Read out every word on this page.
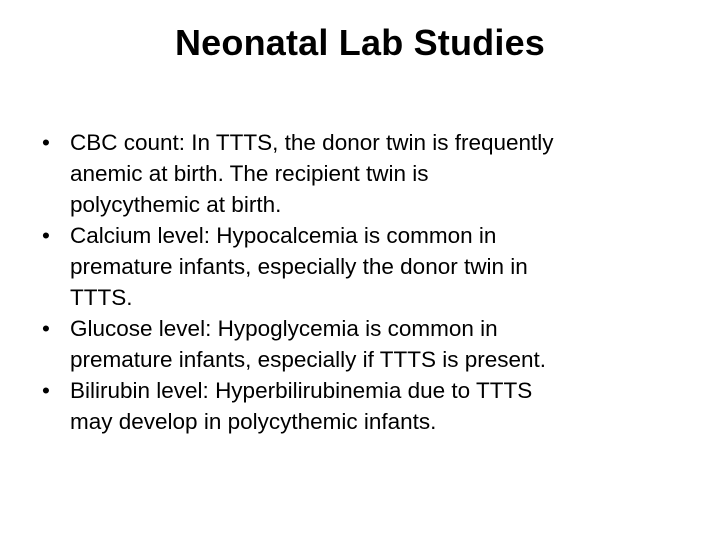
Neonatal Lab Studies
• CBC count: In TTTS, the donor twin is frequently
anemic at birth. The recipient twin is
polycythemic at birth.
• Calcium level: Hypocalcemia is common in
premature infants, especially the donor twin in
TTTS.
• Glucose level: Hypoglycemia is common in
premature infants, especially if TTTS is present.
• Bilirubin level: Hyperbilirubinemia due to TTTS
may develop in polycythemic infants.
